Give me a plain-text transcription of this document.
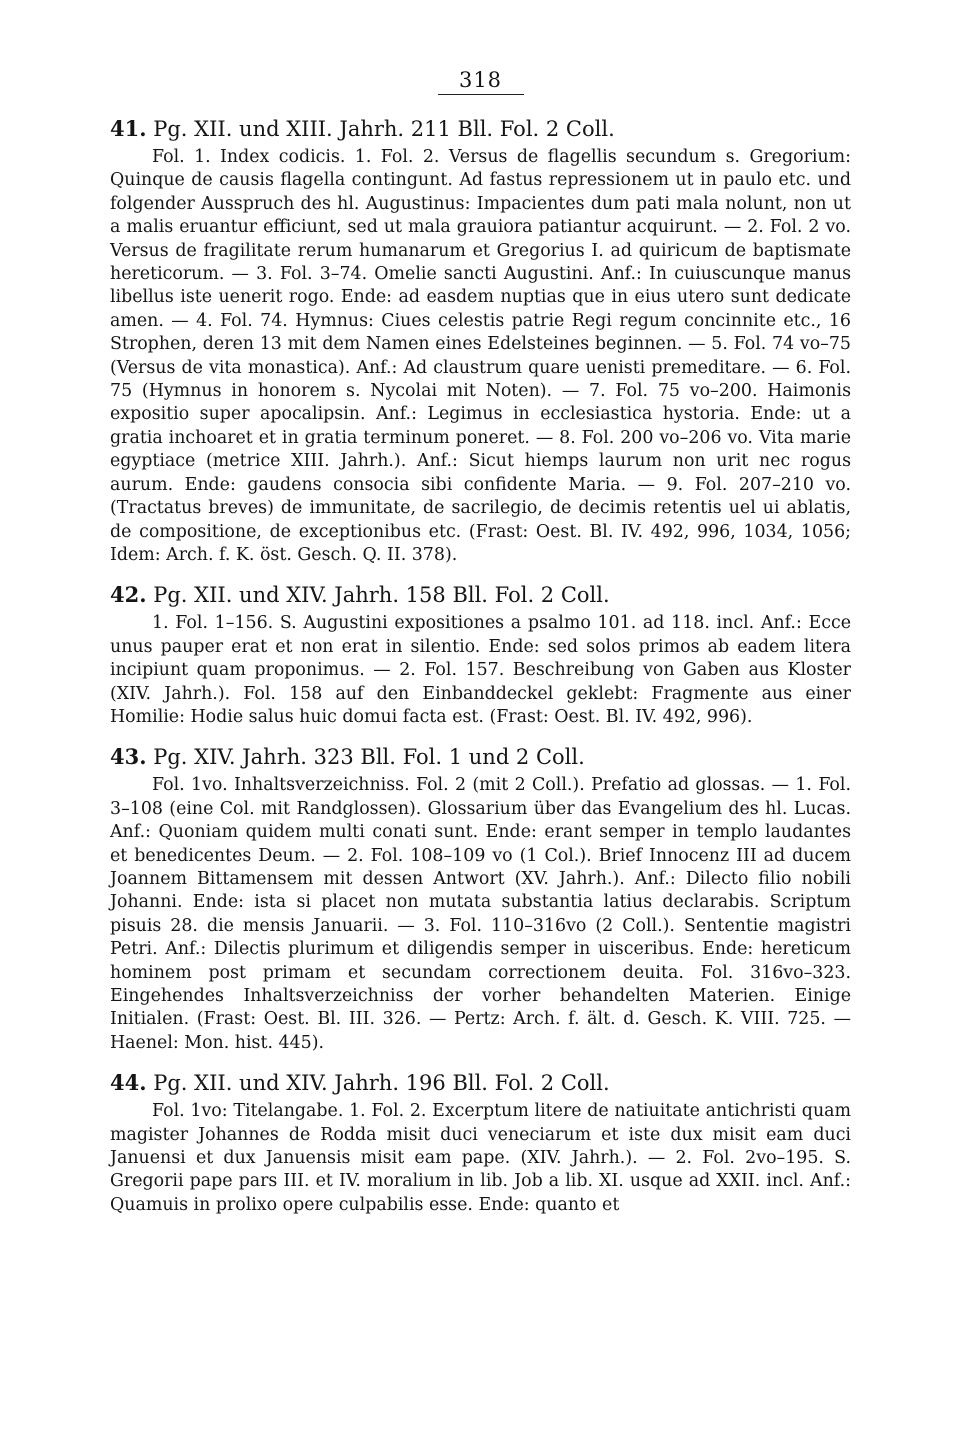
318

41. Pg. XII. und XIII. Jahrh. 211 Bll. Fol. 2 Coll.

Fol. 1. Index codicis. 1. Fol. 2. Versus de flagellis secundum s. Gregorium: Quinque de causis flagella contingunt. Ad fastus repressionem ut in paulo etc. und folgender Ausspruch des hl. Augustinus: Impacientes dum pati mala nolunt, non ut a malis eruantur efficiunt, sed ut mala grauiora patiantur acquirunt. — 2. Fol. 2 vo. Versus de fragilitate rerum humanarum et Gregorius I. ad quiricum de baptismate hereticorum. — 3. Fol. 3–74. Omelie sancti Augustini. Anf.: In cuiuscunque manus libellus iste uenerit rogo. Ende: ad easdem nuptias que in eius utero sunt dedicate amen. — 4. Fol. 74. Hymnus: Ciues celestis patrie Regi regum concinnite etc., 16 Strophen, deren 13 mit dem Namen eines Edelsteines beginnen. — 5. Fol. 74 vo–75 (Versus de vita monastica). Anf.: Ad claustrum quare uenisti premeditare. — 6. Fol. 75 (Hymnus in honorem s. Nycolai mit Noten). — 7. Fol. 75 vo–200. Haimonis expositio super apocalipsin. Anf.: Legimus in ecclesiastica hystoria. Ende: ut a gratia inchoaret et in gratia terminum poneret. — 8. Fol. 200 vo–206 vo. Vita marie egyptiace (metrice XIII. Jahrh.). Anf.: Sicut hiemps laurum non urit nec rogus aurum. Ende: gaudens consocia sibi confidente Maria. — 9. Fol. 207–210 vo. (Tractatus breves) de immunitate, de sacrilegio, de decimis retentis uel ui ablatis, de compositione, de exceptionibus etc. (Frast: Oest. Bl. IV. 492, 996, 1034, 1056; Idem: Arch. f. K. öst. Gesch. Q. II. 378).

42. Pg. XII. und XIV. Jahrh. 158 Bll. Fol. 2 Coll.

1. Fol. 1–156. S. Augustini expositiones a psalmo 101. ad 118. incl. Anf.: Ecce unus pauper erat et non erat in silentio. Ende: sed solos primos ab eadem litera incipiunt quam proponimus. — 2. Fol. 157. Beschreibung von Gaben aus Kloster (XIV. Jahrh.). Fol. 158 auf den Einbanddeckel geklebt: Fragmente aus einer Homilie: Hodie salus huic domui facta est. (Frast: Oest. Bl. IV. 492, 996).

43. Pg. XIV. Jahrh. 323 Bll. Fol. 1 und 2 Coll.

Fol. 1vo. Inhaltsverzeichniss. Fol. 2 (mit 2 Coll.). Prefatio ad glossas. — 1. Fol. 3–108 (eine Col. mit Randglossen). Glossarium über das Evangelium des hl. Lucas. Anf.: Quoniam quidem multi conati sunt. Ende: erant semper in templo laudantes et benedicentes Deum. — 2. Fol. 108–109 vo (1 Col.). Brief Innocenz III ad ducem Joannem Bittamensem mit dessen Antwort (XV. Jahrh.). Anf.: Dilecto filio nobili Johanni. Ende: ista si placet non mutata substantia latius declarabis. Scriptum pisuis 28. die mensis Januarii. — 3. Fol. 110–316vo (2 Coll.). Sententie magistri Petri. Anf.: Dilectis plurimum et diligendis semper in uisceribus. Ende: hereticum hominem post primam et secundam correctionem deuita. Fol. 316vo–323. Eingehendes Inhaltsverzeichniss der vorher behandelten Materien. Einige Initialen. (Frast: Oest. Bl. III. 326. — Pertz: Arch. f. ält. d. Gesch. K. VIII. 725. — Haenel: Mon. hist. 445).

44. Pg. XII. und XIV. Jahrh. 196 Bll. Fol. 2 Coll.

Fol. 1vo: Titelangabe. 1. Fol. 2. Excerptum litere de natiuitate antichristi quam magister Johannes de Rodda misit duci veneciarum et iste dux misit eam duci Januensi et dux Januensis misit eam pape. (XIV. Jahrh.). — 2. Fol. 2vo–195. S. Gregorii pape pars III. et IV. moralium in lib. Job a lib. XI. usque ad XXII. incl. Anf.: Quamuis in prolixo opere culpabilis esse. Ende: quanto et
